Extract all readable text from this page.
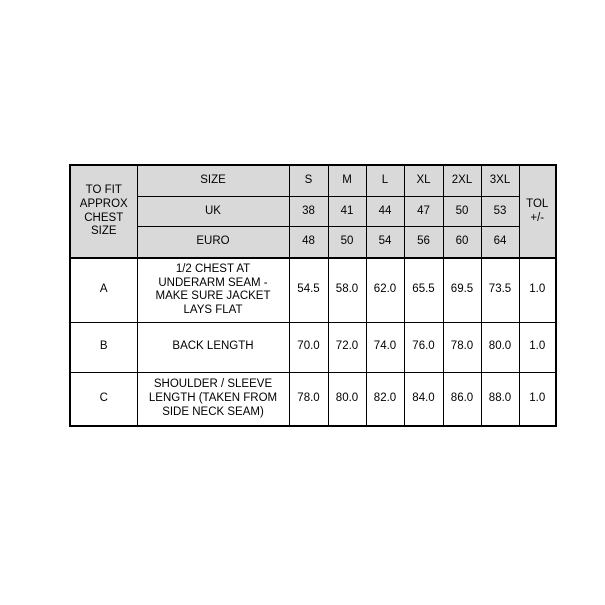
TO FIT
APPROX
CHEST
SIZE	SIZE	S	M	L	XL	2XL	3XL	TOL
+/-
	UK	38	41	44	47	50	53	
	EURO	48	50	54	56	60	64	
A	1/2 CHEST AT
UNDERARM SEAM -
MAKE SURE JACKET
LAYS FLAT	54.5	58.0	62.0	65.5	69.5	73.5	1.0
B	BACK LENGTH	70.0	72.0	74.0	76.0	78.0	80.0	1.0
C	SHOULDER / SLEEVE
LENGTH (TAKEN FROM
SIDE NECK SEAM)	78.0	80.0	82.0	84.0	86.0	88.0	1.0
